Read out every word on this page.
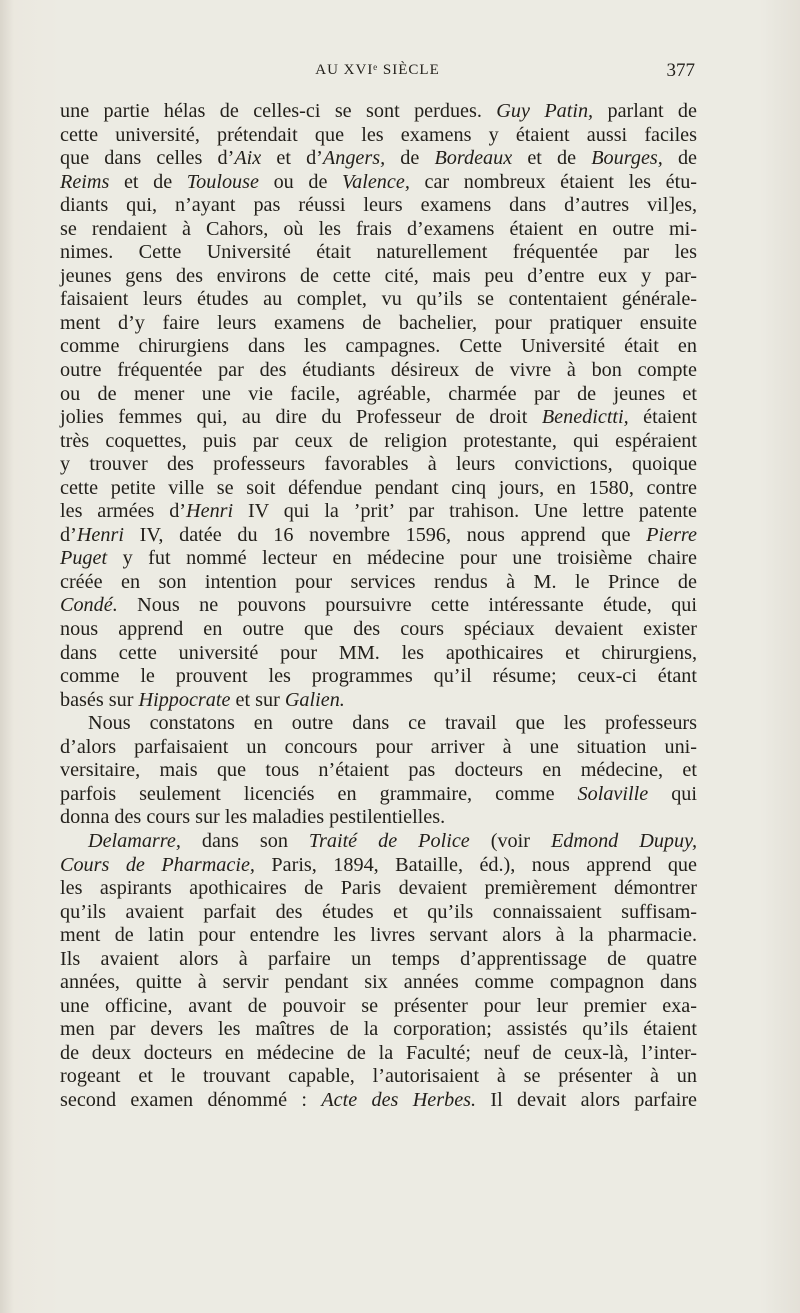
AU XVIᵉ SIÈCLE	377
une partie hélas de celles-ci se sont perdues. Guy Patin, parlant de
cette université, prétendait que les examens y étaient aussi faciles
que dans celles d’Aix et d’Angers, de Bordeaux et de Bourges, de
Reims et de Toulouse ou de Valence, car nombreux étaient les étu-
diants qui, n’ayant pas réussi leurs examens dans d’autres vil]es,
se rendaient à Cahors, où les frais d’examens étaient en outre mi-
nimes. Cette Université était naturellement fréquentée par les
jeunes gens des environs de cette cité, mais peu d’entre eux y par-
faisaient leurs études au complet, vu qu’ils se contentaient générale-
ment d’y faire leurs examens de bachelier, pour pratiquer ensuite
comme chirurgiens dans les campagnes. Cette Université était en
outre fréquentée par des étudiants désireux de vivre à bon compte
ou de mener une vie facile, agréable, charmée par de jeunes et
jolies femmes qui, au dire du Professeur de droit Benedictti, étaient
très coquettes, puis par ceux de religion protestante, qui espéraient
y trouver des professeurs favorables à leurs convictions, quoique
cette petite ville se soit défendue pendant cinq jours, en 1580, contre
les armées d’Henri IV qui la ’prit’ par trahison. Une lettre patente
d’Henri IV, datée du 16 novembre 1596, nous apprend que Pierre
Puget y fut nommé lecteur en médecine pour une troisième chaire
créée en son intention pour services rendus à M. le Prince de
Condé. Nous ne pouvons poursuivre cette intéressante étude, qui
nous apprend en outre que des cours spéciaux devaient exister
dans cette université pour MM. les apothicaires et chirurgiens,
comme le prouvent les programmes qu’il résume; ceux-ci étant
basés sur Hippocrate et sur Galien.
Nous constatons en outre dans ce travail que les professeurs
d’alors parfaisaient un concours pour arriver à une situation uni-
versitaire, mais que tous n’étaient pas docteurs en médecine, et
parfois seulement licenciés en grammaire, comme Solaville qui
donna des cours sur les maladies pestilentielles.
Delamarre, dans son Traité de Police (voir Edmond Dupuy,
Cours de Pharmacie, Paris, 1894, Bataille, éd.), nous apprend que
les aspirants apothicaires de Paris devaient premièrement démontrer
qu’ils avaient parfait des études et qu’ils connaissaient suffisam-
ment de latin pour entendre les livres servant alors à la pharmacie.
Ils avaient alors à parfaire un temps d’apprentissage de quatre
années, quitte à servir pendant six années comme compagnon dans
une officine, avant de pouvoir se présenter pour leur premier exa-
men par devers les maîtres de la corporation; assistés qu’ils étaient
de deux docteurs en médecine de la Faculté; neuf de ceux-là, l’inter-
rogeant et le trouvant capable, l’autorisaient à se présenter à un
second examen dénommé : Acte des Herbes. Il devait alors parfaire
